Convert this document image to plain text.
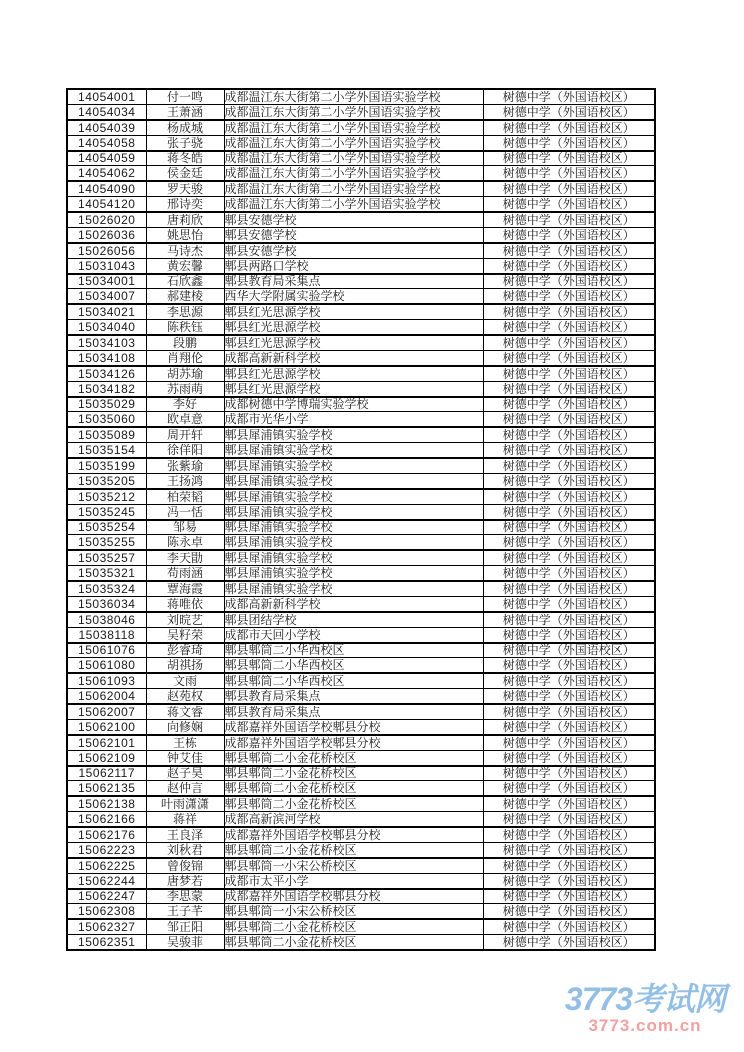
14054001	付一鸣	成都温江东大街第二小学外国语实验学校	树德中学（外国语校区）
14054034	王萧涵	成都温江东大街第二小学外国语实验学校	树德中学（外国语校区）
14054039	杨成城	成都温江东大街第二小学外国语实验学校	树德中学（外国语校区）
14054058	张子骁	成都温江东大街第二小学外国语实验学校	树德中学（外国语校区）
14054059	蒋冬皓	成都温江东大街第二小学外国语实验学校	树德中学（外国语校区）
14054062	侯金廷	成都温江东大街第二小学外国语实验学校	树德中学（外国语校区）
14054090	罗天骏	成都温江东大街第二小学外国语实验学校	树德中学（外国语校区）
14054120	邢诗奕	成都温江东大街第二小学外国语实验学校	树德中学（外国语校区）
15026020	唐莉欣	郫县安德学校	树德中学（外国语校区）
15026036	姚思怡	郫县安德学校	树德中学（外国语校区）
15026056	马诗杰	郫县安德学校	树德中学（外国语校区）
15031043	黄宏馨	郫县两路口学校	树德中学（外国语校区）
15034001	石欣鑫	郫县教育局采集点	树德中学（外国语校区）
15034007	郝建棱	西华大学附属实验学校	树德中学（外国语校区）
15034021	李思源	郫县红光思源学校	树德中学（外国语校区）
15034040	陈秩钰	郫县红光思源学校	树德中学（外国语校区）
15034103	段鹏	郫县红光思源学校	树德中学（外国语校区）
15034108	肖翔伦	成都高新新科学校	树德中学（外国语校区）
15034126	胡苏瑜	郫县红光思源学校	树德中学（外国语校区）
15034182	苏雨萌	郫县红光思源学校	树德中学（外国语校区）
15035029	李好	成都树德中学博瑞实验学校	树德中学（外国语校区）
15035060	欧卓意	成都市光华小学	树德中学（外国语校区）
15035089	周开轩	郫县犀浦镇实验学校	树德中学（外国语校区）
15035154	徐佯阳	郫县犀浦镇实验学校	树德中学（外国语校区）
15035199	张紫瑜	郫县犀浦镇实验学校	树德中学（外国语校区）
15035205	王扬鸿	郫县犀浦镇实验学校	树德中学（外国语校区）
15035212	柏荣韬	郫县犀浦镇实验学校	树德中学（外国语校区）
15035245	冯一恬	郫县犀浦镇实验学校	树德中学（外国语校区）
15035254	邹易	郫县犀浦镇实验学校	树德中学（外国语校区）
15035255	陈永卓	郫县犀浦镇实验学校	树德中学（外国语校区）
15035257	李天勖	郫县犀浦镇实验学校	树德中学（外国语校区）
15035321	苟雨涵	郫县犀浦镇实验学校	树德中学（外国语校区）
15035324	覃海霞	郫县犀浦镇实验学校	树德中学（外国语校区）
15036034	蒋唯依	成都高新新科学校	树德中学（外国语校区）
15038046	刘晥艺	郫县团结学校	树德中学（外国语校区）
15038118	吴籽荣	成都市天回小学校	树德中学（外国语校区）
15061076	彭睿琦	郫县郫筒二小华西校区	树德中学（外国语校区）
15061080	胡祺扬	郫县郫筒二小华西校区	树德中学（外国语校区）
15061093	文雨	郫县郫筒二小华西校区	树德中学（外国语校区）
15062004	赵苑权	郫县教育局采集点	树德中学（外国语校区）
15062007	蒋文睿	郫县教育局采集点	树德中学（外国语校区）
15062100	向修娴	成都嘉祥外国语学校郫县分校	树德中学（外国语校区）
15062101	王栋	成都嘉祥外国语学校郫县分校	树德中学（外国语校区）
15062109	钟艾佳	郫县郫筒二小金花桥校区	树德中学（外国语校区）
15062117	赵子昊	郫县郫筒二小金花桥校区	树德中学（外国语校区）
15062135	赵仲言	郫县郫筒二小金花桥校区	树德中学（外国语校区）
15062138	叶雨潇潇	郫县郫筒二小金花桥校区	树德中学（外国语校区）
15062166	蒋祥	成都高新滨河学校	树德中学（外国语校区）
15062176	王良泽	成都嘉祥外国语学校郫县分校	树德中学（外国语校区）
15062223	刘秋君	郫县郫筒二小金花桥校区	树德中学（外国语校区）
15062225	曾俊锦	郫县郫筒一小宋公桥校区	树德中学（外国语校区）
15062244	唐梦若	成都市太平小学	树德中学（外国语校区）
15062247	李思蒙	成都嘉祥外国语学校郫县分校	树德中学（外国语校区）
15062308	王子芊	郫县郫筒一小宋公桥校区	树德中学（外国语校区）
15062327	邹正阳	郫县郫筒二小金花桥校区	树德中学（外国语校区）
15062351	吴骏菲	郫县郫筒二小金花桥校区	树德中学（外国语校区）
3773考试网
3773.com.cn
